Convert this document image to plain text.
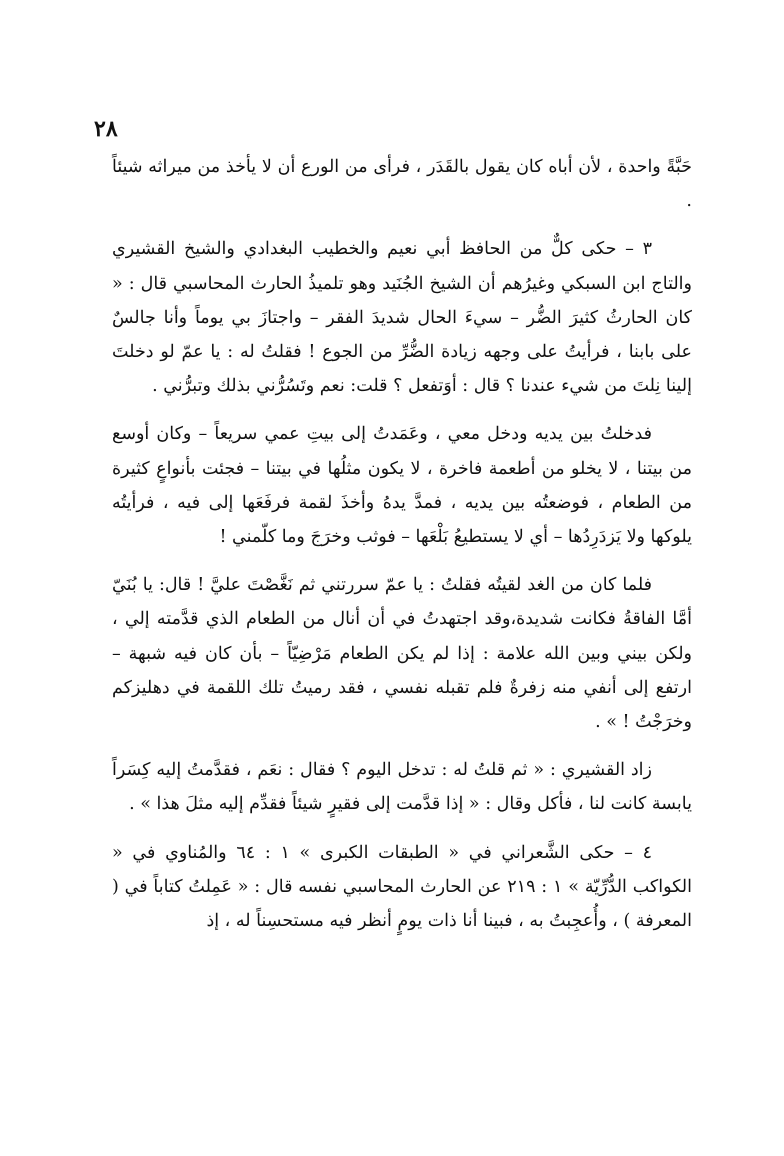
٢٨

حَبَّةً واحدة ، لأن أباه كان يقول بالقَدَر ، فرأى من الورع أن لا يأخذ من ميراثه شيئاً .

٣ – حكى كلٌّ من الحافظ أبي نعيم والخطيب البغدادي والشيخ القشيري والتاج ابن السبكي وغيرُهم أن الشيخ الجُنَيد وهو تلميذُ الحارث المحاسبي قال : « كان الحارثُ كثيرَ الضُّر – سيءَ الحال شديدَ الفقر – واجتازَ بي يوماً وأنا جالسٌ على بابنا ، فرأيتُ على وجهه زيادة الضُّرِّ من الجوع ! فقلتُ له : يا عمّ لو دخلتَ إلينا نِلتَ من شيء عندنا ؟ قال : أوَتفعل ؟ قلت: نعم وتَسُرُّني بذلك وتبرُّني .

فدخلتُ بين يديه ودخل معي ، وعَمَدتُ إلى بيتِ عمي سريعاً – وكان أوسع من بيتنا ، لا يخلو من أطعمة فاخرة ، لا يكون مثلُها في بيتنا – فجئت بأنواعٍ كثيرة من الطعام ، فوضعتُه بين يديه ، فمدَّ يدهُ وأخذَ لقمة فرفَعَها إلى فيه ، فرأيتُه يلوكها ولا يَزدَرِدُها – أي لا يستطيعُ بَلْعَها – فوثب وخرَجَ وما كلّمني !

فلما كان من الغد لقيتُه فقلتُ : يا عمّ سررتني ثم نَغَّصْتَ عليَّ ! قال: يا بُنَيّ أمَّا الفاقةُ فكانت شديدة،وقد اجتهدتُ في أن أنال من الطعام الذي قدَّمته إلي ، ولكن بيني وبين الله علامة : إذا لم يكن الطعام مَرْضِيّاً – بأن كان فيه شبهة – ارتفع إلى أنفي منه زفرةٌ فلم تقبله نفسي ، فقد رميتُ تلك اللقمة في دهليزكم وخرَجْتُ ! » .

زاد القشيري : « ثم قلتُ له : تدخل اليوم ؟ فقال : نعَم ، فقدَّمتُ إليه كِسَراً يابسة كانت لنا ، فأكل وقال : « إذا قدَّمت إلى فقيرٍ شيئاً فقدِّم إليه مثلَ هذا » .

٤ – حكى الشَّعراني في « الطبقات الكبرى » ١ : ٦٤ والمُناوي في « الكواكب الدُّرِّيّة » ١ : ٢١٩ عن الحارث المحاسبي نفسه قال : « عَمِلتُ كتاباً في ( المعرفة ) ، وأُعجِبتُ به ، فبينا أنا ذات يومٍ أنظر فيه مستحسِناً له ، إذ
